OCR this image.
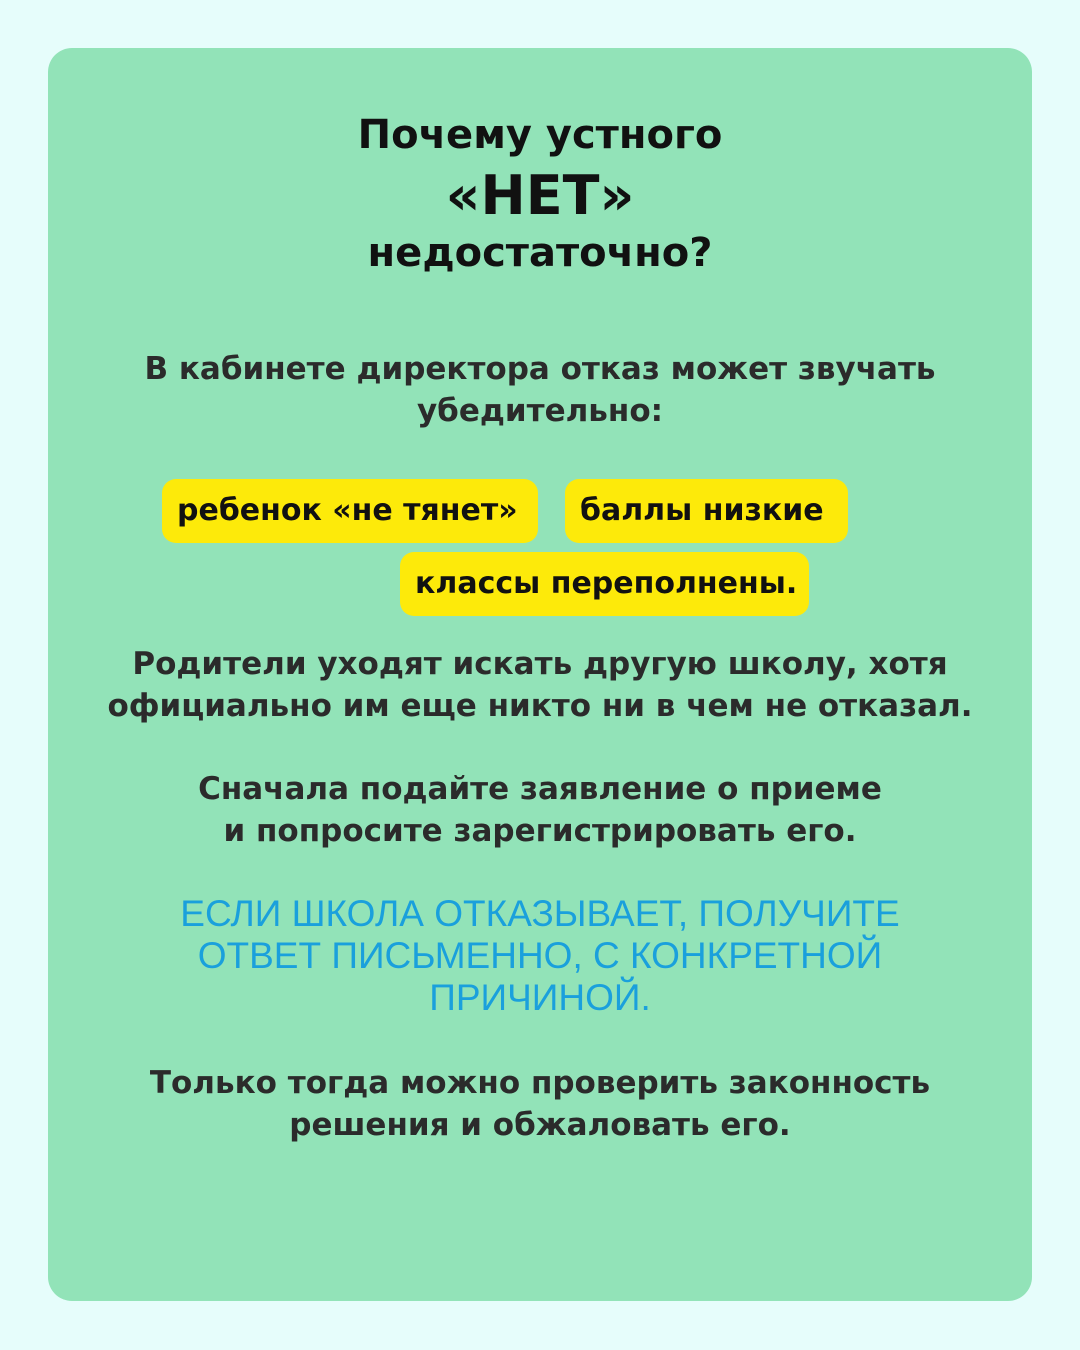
Почему устного
«НЕТ»
недостаточно?

В кабинете директора отказ может звучать
убедительно:

ребенок «не тянет»	баллы низкие
классы переполнены.

Родители уходят искать другую школу, хотя
официально им еще никто ни в чем не отказал.

Сначала подайте заявление о приеме
и попросите зарегистрировать его.

ЕСЛИ ШКОЛА ОТКАЗЫВАЕТ, ПОЛУЧИТЕ
ОТВЕТ ПИСЬМЕННО, С КОНКРЕТНОЙ
ПРИЧИНОЙ.

Только тогда можно проверить законность
решения и обжаловать его.
